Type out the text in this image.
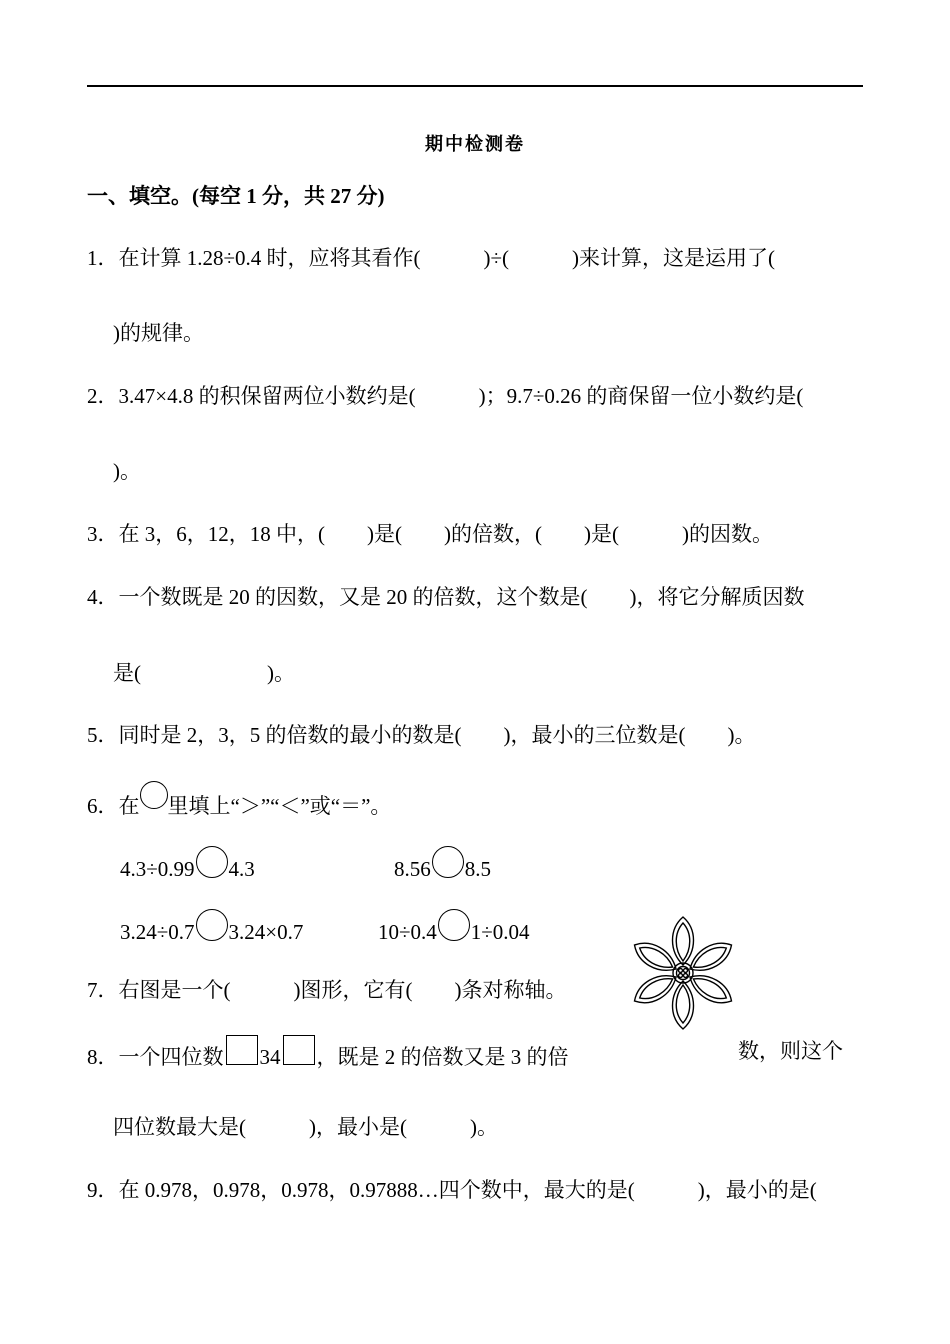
期中检测卷
一、填空。(每空 1 分，共 27 分)
1．在计算 1.28÷0.4 时，应将其看作(　　　)÷(　　　)来计算，这是运用了(
)的规律。
2．3.47×4.8 的积保留两位小数约是(　　　)；9.7÷0.26 的商保留一位小数约是(
)。
3．在 3，6，12，18 中，(　　)是(　　)的倍数，(　　)是(　　　)的因数。
4．一个数既是 20 的因数，又是 20 的倍数，这个数是(　　)，将它分解质因数
是(　　　　　　)。
5．同时是 2，3，5 的倍数的最小的数是(　　)，最小的三位数是(　　)。
6．在 里填上“＞”“＜”或“＝”。
4.3÷0.99 4.3	8.56 8.5
3.24÷0.7 3.24×0.7	10÷0.4 1÷0.04
7．右图是一个(　　　)图形，它有(　　)条对称轴。
8．一个四位数 34 ，既是 2 的倍数又是 3 的倍	数，则这个
四位数最大是(　　　)，最小是(　　　)。
9．在 0.978，0.978，0.978，0.97888…四个数中，最大的是(　　　)，最小的是(
